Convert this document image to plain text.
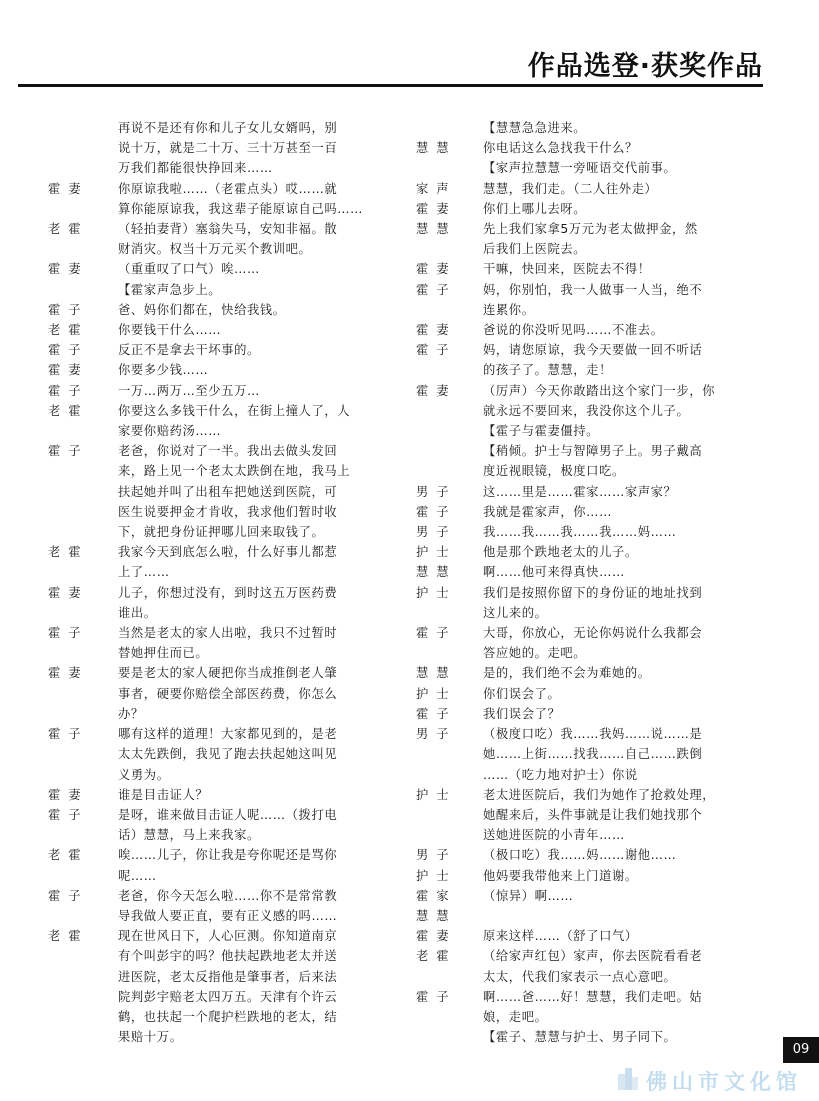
作品选登·获奖作品
再说不是还有你和儿子女儿女婿吗，别
说十万，就是二十万、三十万甚至一百
万我们都能很快挣回来……
霍 妻	你原谅我啦……（老霍点头）哎……就
算你能原谅我，我这辈子能原谅自己吗……
老 霍	（轻拍妻背）塞翁失马，安知非福。散
财消灾。权当十万元买个教训吧。
霍 妻	（重重叹了口气）唉……
【霍家声急步上。
霍 子	爸、妈你们都在，快给我钱。
老 霍	你要钱干什么……
霍 子	反正不是拿去干坏事的。
霍 妻	你要多少钱……
霍 子	一万…两万…至少五万…
老 霍	你要这么多钱干什么，在街上撞人了，人
家要你赔药汤……
霍 子	老爸，你说对了一半。我出去做头发回
来，路上见一个老太太跌倒在地，我马上
扶起她并叫了出租车把她送到医院，可
医生说要押金才肯收，我求他们暂时收
下，就把身份证押哪儿回来取钱了。
老 霍	我家今天到底怎么啦，什么好事儿都惹
上了……
霍 妻	儿子，你想过没有，到时这五万医药费
谁出。
霍 子	当然是老太的家人出啦，我只不过暂时
替她押住而已。
霍 妻	要是老太的家人硬把你当成推倒老人肇
事者，硬要你赔偿全部医药费，你怎么
办？
霍 子	哪有这样的道理！大家都见到的，是老
太太先跌倒，我见了跑去扶起她这叫见
义勇为。
霍 妻	谁是目击证人？
霍 子	是呀，谁来做目击证人呢……（拨打电
话）慧慧，马上来我家。
老 霍	唉……儿子，你让我是夸你呢还是骂你
呢……
霍 子	老爸，你今天怎么啦……你不是常常教
导我做人要正直，要有正义感的吗……
老 霍	现在世风日下，人心叵测。你知道南京
有个叫彭宇的吗？他扶起跌地老太并送
进医院，老太反指他是肇事者，后来法
院判彭宇赔老太四万五。天津有个许云
鹤，也扶起一个爬护栏跌地的老太，结
果赔十万。
【慧慧急急进来。
慧 慧	你电话这么急找我干什么？
【家声拉慧慧一旁哑语交代前事。
家 声	慧慧，我们走。（二人往外走）
霍 妻	你们上哪儿去呀。
慧 慧	先上我们家拿5万元为老太做押金，然
后我们上医院去。
霍 妻	干嘛，快回来，医院去不得！
霍 子	妈，你别怕，我一人做事一人当，绝不
连累你。
霍 妻	爸说的你没听见吗……不准去。
霍 子	妈，请您原谅，我今天要做一回不听话
的孩子了。慧慧，走！
霍 妻	（厉声）今天你敢踏出这个家门一步，你
就永远不要回来，我没你这个儿子。
【霍子与霍妻僵持。
【稍倾。护士与智障男子上。男子戴高
度近视眼镜，极度口吃。
男 子	这……里是……霍家……家声家？
霍 子	我就是霍家声，你……
男 子	我……我……我……我……妈……
护 士	他是那个跌地老太的儿子。
慧 慧	啊……他可来得真快……
护 士	我们是按照你留下的身份证的地址找到
这儿来的。
霍 子	大哥，你放心，无论你妈说什么我都会
答应她的。走吧。
慧 慧	是的，我们绝不会为难她的。
护 士	你们误会了。
霍 子	我们误会了？
男 子	（极度口吃）我……我妈……说……是
她……上街……找我……自己……跌倒
……（吃力地对护士）你说
护 士	老太进医院后，我们为她作了抢救处理，
她醒来后，头件事就是让我们她找那个
送她进医院的小青年……
男 子	（极口吃）我……妈……谢他……
护 士	他妈要我带他来上门道谢。
霍 家	（惊异）啊……
慧 慧
霍 妻	原来这样……（舒了口气）
老 霍	（给家声红包）家声，你去医院看看老
太太，代我们家表示一点心意吧。
霍 子	啊……爸……好！慧慧，我们走吧。姑
娘，走吧。
【霍子、慧慧与护士、男子同下。
09
佛山市文化馆
